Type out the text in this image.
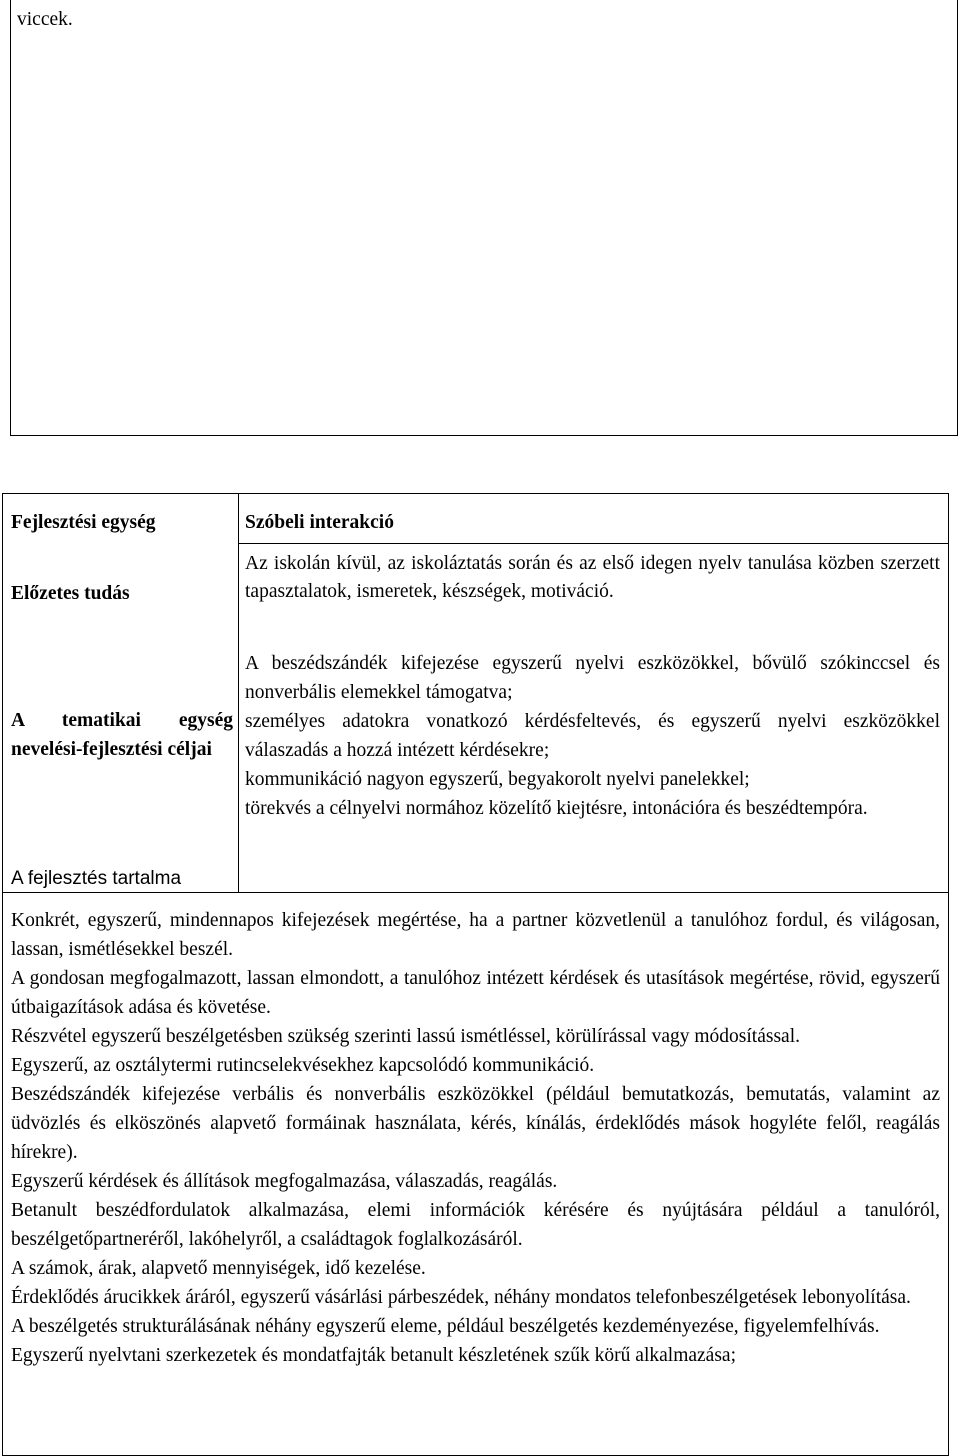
viccek.

Fejlesztési egység

Előzetes tudás

A tematikai egység nevelési-fejlesztési céljai

A fejlesztés tartalma

Szóbeli interakció

Az iskolán kívül, az iskoláztatás során és az első idegen nyelv tanulása közben szerzett tapasztalatok, ismeretek, készségek, motiváció.

A beszédszándék kifejezése egyszerű nyelvi eszközökkel, bővülő szókinccsel és nonverbális elemekkel támogatva;

személyes adatokra vonatkozó kérdésfeltevés, és egyszerű nyelvi eszközökkel válaszadás a hozzá intézett kérdésekre;

kommunikáció nagyon egyszerű, begyakorolt nyelvi panelekkel;

törekvés a célnyelvi normához közelítő kiejtésre, intonációra és beszédtempóra.

Konkrét, egyszerű, mindennapos kifejezések megértése, ha a partner közvetlenül a tanulóhoz fordul, és világosan, lassan, ismétlésekkel beszél.

A gondosan megfogalmazott, lassan elmondott, a tanulóhoz intézett kérdések és utasítások megértése, rövid, egyszerű útbaigazítások adása és követése.

Részvétel egyszerű beszélgetésben szükség szerinti lassú ismétléssel, körülírással vagy módosítással.

Egyszerű, az osztálytermi rutincselekvésekhez kapcsolódó kommunikáció.

Beszédszándék kifejezése verbális és nonverbális eszközökkel (például bemutatkozás, bemutatás, valamint az üdvözlés és elköszönés alapvető formáinak használata, kérés, kínálás, érdeklődés mások hogyléte felől, reagálás hírekre).

Egyszerű kérdések és állítások megfogalmazása, válaszadás, reagálás.

Betanult beszédfordulatok alkalmazása, elemi információk kérésére és nyújtására például a tanulóról, beszélgetőpartneréről, lakóhelyről, a családtagok foglalkozásáról.

A számok, árak, alapvető mennyiségek, idő kezelése.

Érdeklődés árucikkek áráról, egyszerű vásárlási párbeszédek, néhány mondatos telefonbeszélgetések lebonyolítása.

A beszélgetés strukturálásának néhány egyszerű eleme, például beszélgetés kezdeményezése, figyelemfelhívás.

Egyszerű nyelvtani szerkezetek és mondatfajták betanult készletének szűk körű alkalmazása;
